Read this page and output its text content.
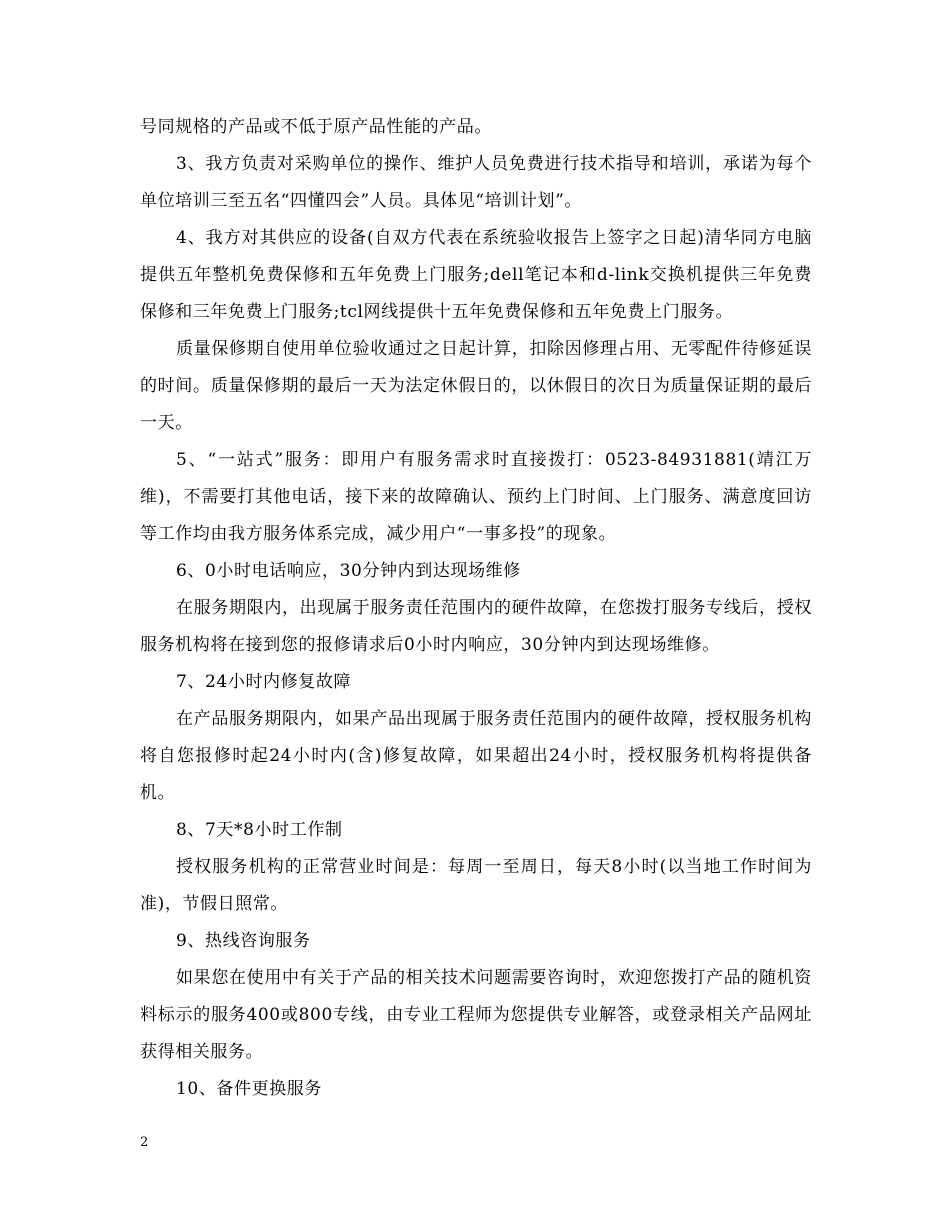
号同规格的产品或不低于原产品性能的产品。

3、我方负责对采购单位的操作、维护人员免费进行技术指导和培训，承诺为每个单位培训三至五名“四懂四会”人员。具体见“培训计划”。

4、我方对其供应的设备(自双方代表在系统验收报告上签字之日起)清华同方电脑提供五年整机免费保修和五年免费上门服务;dell笔记本和d-link交换机提供三年免费保修和三年免费上门服务;tcl网线提供十五年免费保修和五年免费上门服务。

质量保修期自使用单位验收通过之日起计算，扣除因修理占用、无零配件待修延误的时间。质量保修期的最后一天为法定休假日的，以休假日的次日为质量保证期的最后一天。

5、“一站式”服务：即用户有服务需求时直接拨打：0523-84931881(靖江万维)，不需要打其他电话，接下来的故障确认、预约上门时间、上门服务、满意度回访等工作均由我方服务体系完成，减少用户“一事多投”的现象。

6、0小时电话响应，30分钟内到达现场维修

在服务期限内，出现属于服务责任范围内的硬件故障，在您拨打服务专线后，授权服务机构将在接到您的报修请求后0小时内响应，30分钟内到达现场维修。

7、24小时内修复故障

在产品服务期限内，如果产品出现属于服务责任范围内的硬件故障，授权服务机构将自您报修时起24小时内(含)修复故障，如果超出24小时，授权服务机构将提供备机。

8、7天*8小时工作制

授权服务机构的正常营业时间是：每周一至周日，每天8小时(以当地工作时间为准)，节假日照常。

9、热线咨询服务

如果您在使用中有关于产品的相关技术问题需要咨询时，欢迎您拨打产品的随机资料标示的服务400或800专线，由专业工程师为您提供专业解答，或登录相关产品网址获得相关服务。

10、备件更换服务

2
